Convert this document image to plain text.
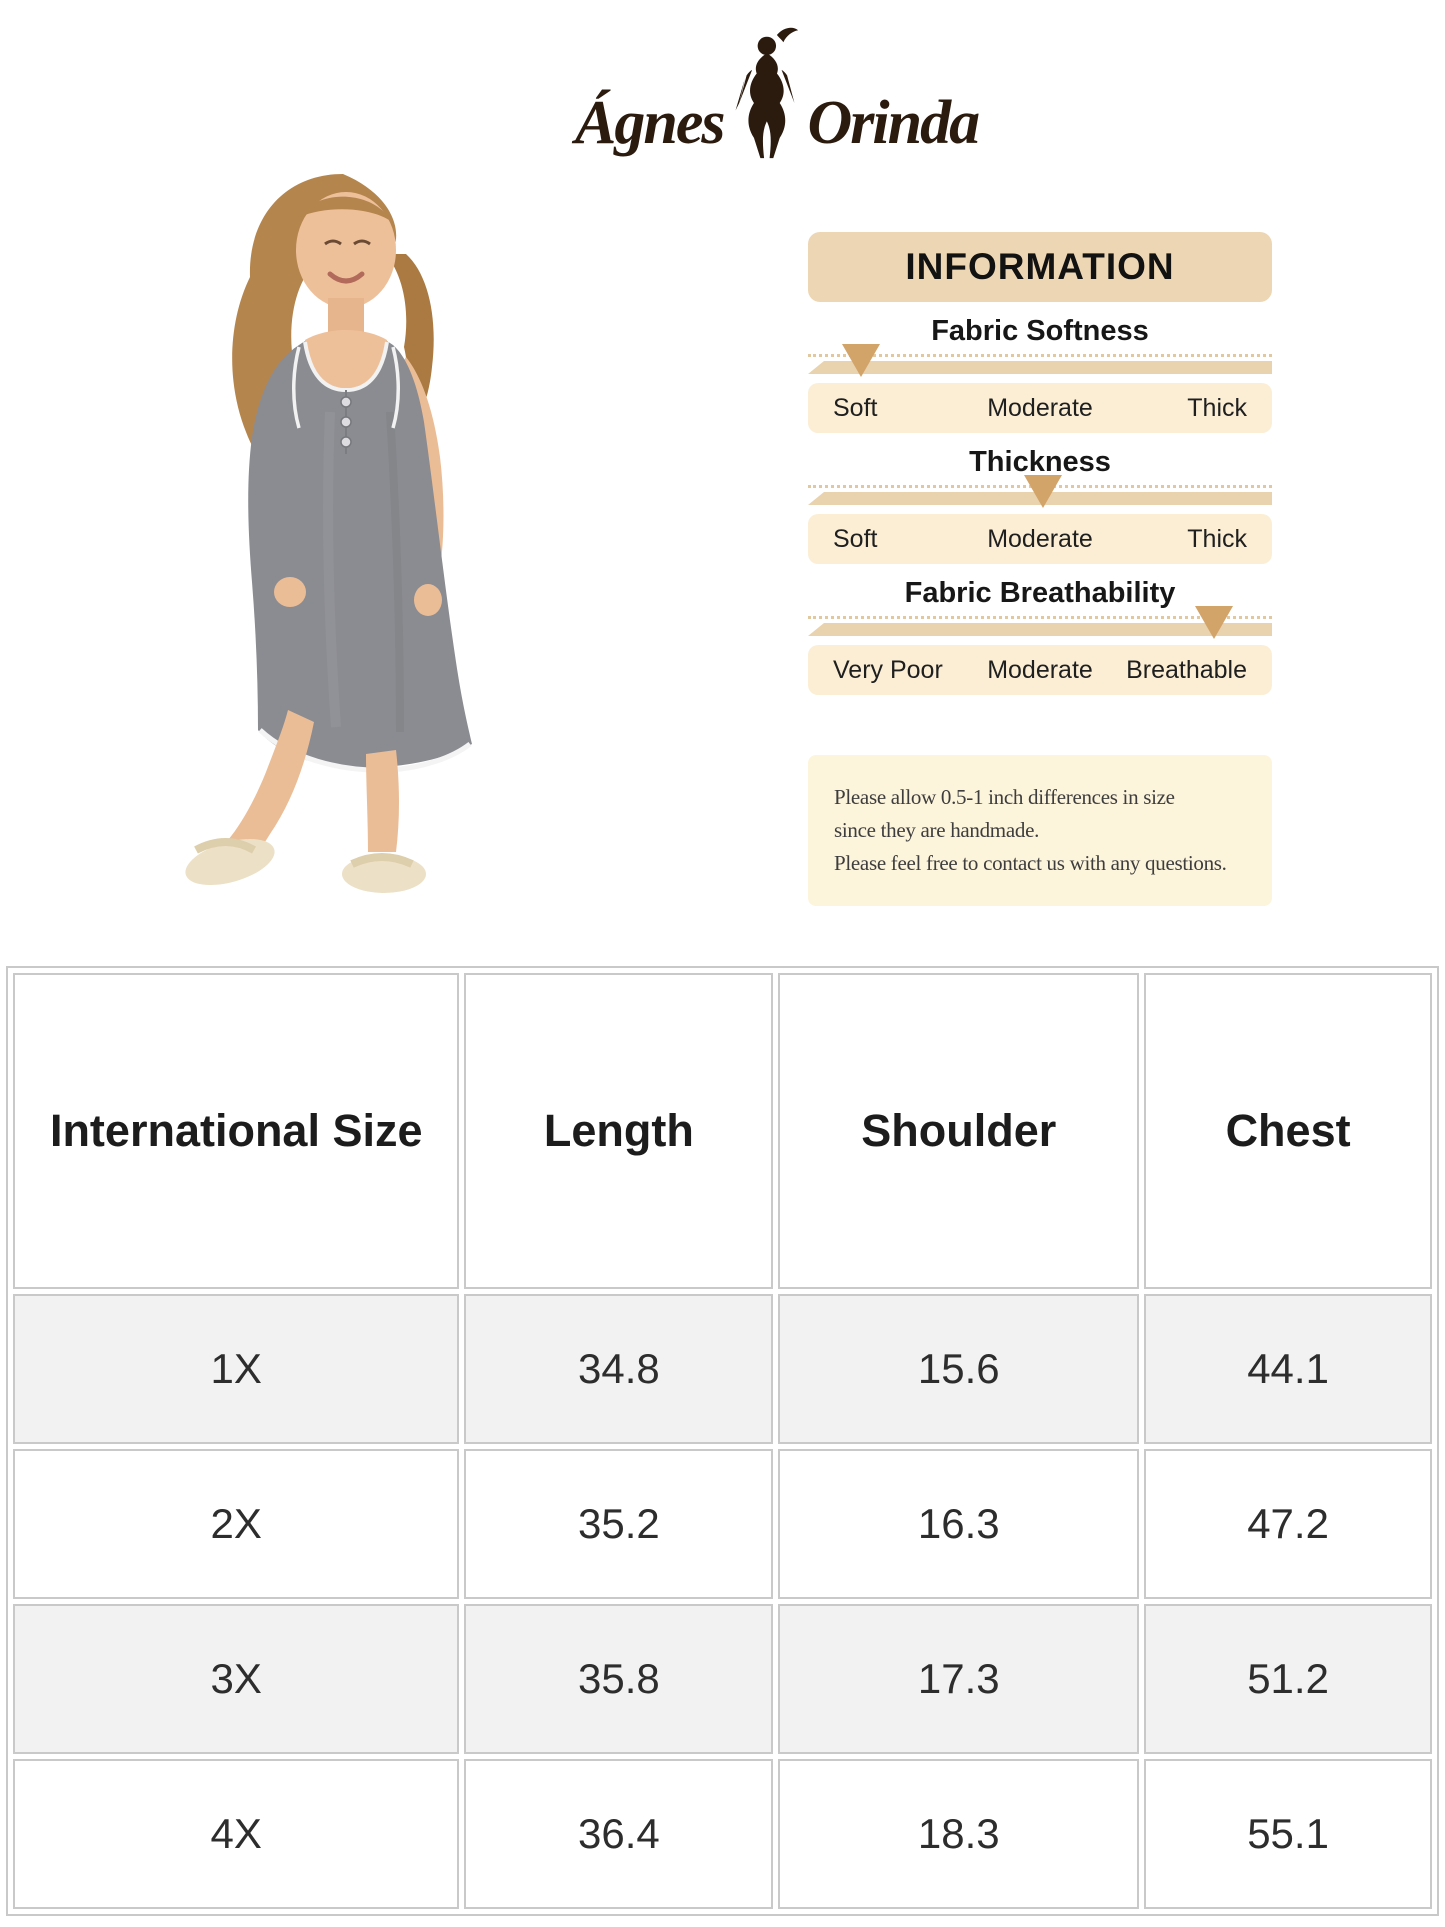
Ágnes Orinda
INFORMATION
Fabric Softness
Soft	Moderate	Thick
Thickness
Soft	Moderate	Thick
Fabric Breathability
Very Poor Moderate Breathable

Please allow 0.5-1 inch differences in size

since they are handmade.

Please feel free to contact us with any questions.

International Size	Length	Shoulder	Chest
1X	34.8	15.6	44.1
2X	35.2	16.3	47.2
3X	35.8	17.3	51.2
4X	36.4	18.3	55.1
